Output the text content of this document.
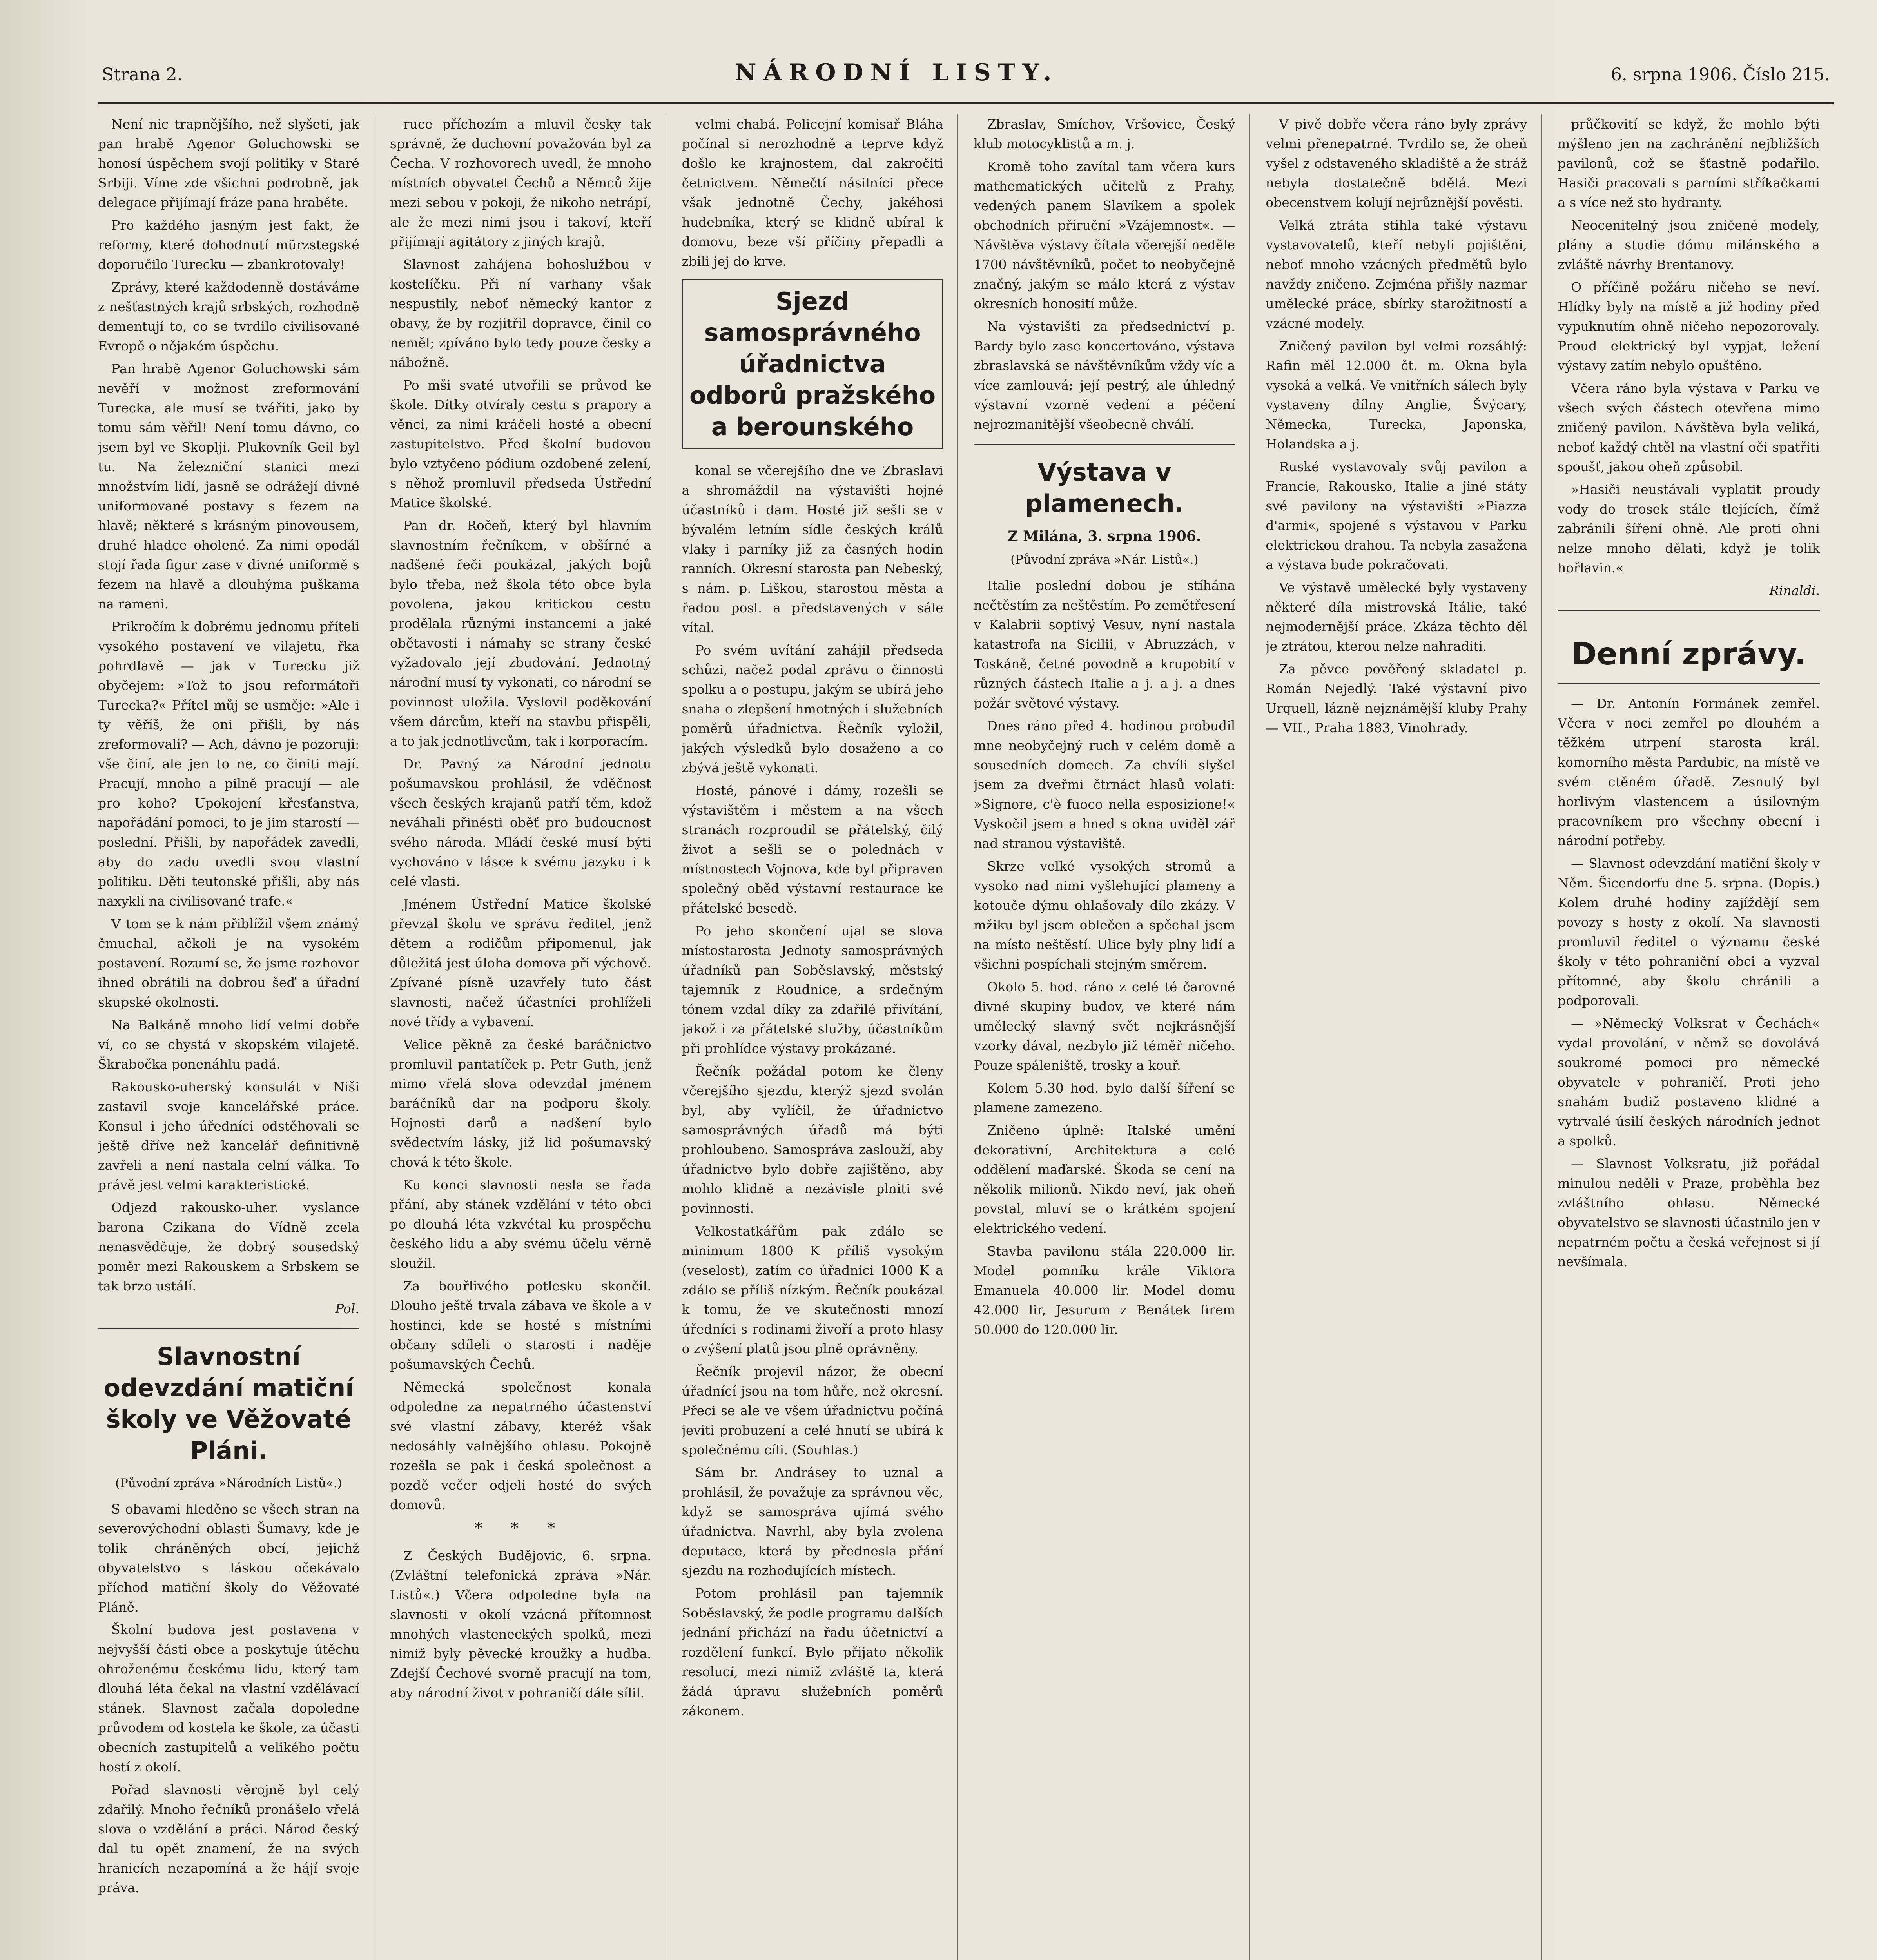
Strana 2.	NÁRODNÍ LISTY.	6. srpna 1906. Číslo 215.

Není nic trapnějšího, než slyšeti, jak pan hrabě Agenor Goluchowski se honosí úspěchem svojí politiky v Staré Srbiji. Víme zde všichni podrobně, jak delegace přijímají fráze pana hraběte.

Pro každého jasným jest fakt, že reformy, které dohodnutí mürzstegské doporučilo Turecku — zbankrotovaly!

Zprávy, které každodenně dostáváme z nešťastných krajů srbských, rozhodně dementují to, co se tvrdilo civilisované Evropě o nějakém úspěchu.

Pan hrabě Agenor Goluchowski sám nevěří v možnost zreformování Turecka, ale musí se tvářiti, jako by tomu sám věřil! Není tomu dávno, co jsem byl ve Skoplji. Plukovník Geil byl tu. Na železniční stanici mezi množstvím lidí, jasně se odrážejí divné uniformované postavy s fezem na hlavě; některé s krásným pinovousem, druhé hladce oholené. Za nimi opodál stojí řada figur zase v divné uniformě s fezem na hlavě a dlouhýma puškama na rameni.

Prikročím k dobrému jednomu příteli vysokého postavení ve vilajetu, řka pohrdlavě — jak v Turecku již obyčejem: »Tož to jsou reformátoři Turecka?« Přítel můj se usměje: »Ale i ty věříš, že oni přišli, by nás zreformovali? — Ach, dávno je pozoruji: vše činí, ale jen to ne, co činiti mají. Pracují, mnoho a pilně pracují — ale pro koho? Upokojení křesťanstva, napořádání pomoci, to je jim starostí — poslední. Přišli, by napořádek zavedli, aby do zadu uvedli svou vlastní politiku. Děti teutonské přišli, aby nás naxykli na civilisované trafe.«

V tom se k nám přiblížil všem známý čmuchal, ačkoli je na vysokém postavení. Rozumí se, že jsme rozhovor ihned obrátili na dobrou šeď a úřadní skupské okolnosti.

Na Balkáně mnoho lidí velmi dobře ví, co se chystá v skopském vilajetě. Škrabočka ponenáhlu padá.

Rakousko-uherský konsulát v Niši zastavil svoje kancelářské práce. Konsul i jeho úředníci odstěhovali se ještě dříve než kancelář definitivně zavřeli a není nastala celní válka. To právě jest velmi karakteristické.

Odjezd rakousko-uher. vyslance barona Czikana do Vídně zcela nenasvědčuje, že dobrý sousedský poměr mezi Rakouskem a Srbskem se tak brzo ustálí.

Pol.
Slavnostní odevzdání matiční školy ve Věžovaté Pláni.
(Původní zpráva »Národních Listů«.)

S obavami hleděno se všech stran na severovýchodní oblasti Šumavy, kde je tolik chráněných obcí, jejichž obyvatelstvo s láskou očekávalo příchod matiční školy do Věžovaté Pláně.

Školní budova jest postavena v nejvyšší části obce a poskytuje útěchu ohroženému českému lidu, který tam dlouhá léta čekal na vlastní vzdělávací stánek. Slavnost začala dopoledne průvodem od kostela ke škole, za účasti obecních zastupitelů a velikého počtu hostí z okolí.

Pořad slavnosti věrojně byl celý zdařilý. Mnoho řečníků pronášelo vřelá slova o vzdělání a práci. Národ český dal tu opět znamení, že na svých hranicích nezapomíná a že hájí svoje práva.

ruce příchozím a mluvil česky tak správně, že duchovní považován byl za Čecha. V rozhovorech uvedl, že mnoho místních obyvatel Čechů a Němců žije mezi sebou v pokoji, že nikoho netrápí, ale že mezi nimi jsou i takoví, kteří přijímají agitátory z jiných krajů.

Slavnost zahájena bohoslužbou v kostelíčku. Při ní varhany však nespustily, neboť německý kantor z obavy, že by rozjitřil dopravce, činil co neměl; zpíváno bylo tedy pouze česky a nábožně.

Po mši svaté utvořili se průvod ke škole. Dítky otvíraly cestu s prapory a věnci, za nimi kráčeli hosté a obecní zastupitelstvo. Před školní budovou bylo vztyčeno pódium ozdobené zelení, s něhož promluvil předseda Ústřední Matice školské.

Pan dr. Ročeň, který byl hlavním slavnostním řečníkem, v obšírné a nadšené řeči poukázal, jakých bojů bylo třeba, než škola této obce byla povolena, jakou kritickou cestu prodělala různými instancemi a jaké obětavosti i námahy se strany české vyžadovalo její zbudování. Jednotný národní musí ty vykonati, co národní se povinnost uložila. Vyslovil poděkování všem dárcům, kteří na stavbu přispěli, a to jak jednotlivcům, tak i korporacím.

Dr. Pavný za Národní jednotu pošumavskou prohlásil, že vděčnost všech českých krajanů patří těm, kdož neváhali přinésti oběť pro budoucnost svého národa. Mládí české musí býti vychováno v lásce k svému jazyku i k celé vlasti.

Jménem Ústřední Matice školské převzal školu ve správu ředitel, jenž dětem a rodičům připomenul, jak důležitá jest úloha domova při výchově. Zpívané písně uzavřely tuto část slavnosti, načež účastníci prohlíželi nové třídy a vybavení.

Velice pěkně za české baráčnictvo promluvil pantatíček p. Petr Guth, jenž mimo vřelá slova odevzdal jménem baráčníků dar na podporu školy. Hojnosti darů a nadšení bylo svědectvím lásky, již lid pošumavský chová k této škole.

Ku konci slavnosti nesla se řada přání, aby stánek vzdělání v této obci po dlouhá léta vzkvétal ku prospěchu českého lidu a aby svému účelu věrně sloužil.

Za bouřlivého potlesku skončil. Dlouho ještě trvala zábava ve škole a v hostinci, kde se hosté s místními občany sdíleli o starosti i naděje pošumavských Čechů.

Německá společnost konala odpoledne za nepatrného účastenství své vlastní zábavy, kteréž však nedosáhly valnějšího ohlasu. Pokojně rozešla se pak i česká společnost a pozdě večer odjeli hosté do svých domovů.

* * *

Z Českých Budějovic, 6. srpna. (Zvláštní telefonická zpráva »Nár. Listů«.) Včera odpoledne byla na slavnosti v okolí vzácná přítomnost mnohých vlasteneckých spolků, mezi nimiž byly pěvecké kroužky a hudba. Zdejší Čechové svorně pracují na tom, aby národní život v pohraničí dále sílil.

velmi chabá. Policejní komisař Bláha počínal si nerozhodně a teprve když došlo ke krajnostem, dal zakročiti četnictvem. Němečtí násilníci přece však jednotně Čechy, jakéhosi hudebníka, který se klidně ubíral k domovu, beze vší příčiny přepadli a zbili jej do krve.

Sjezd samosprávného úřadnictva odborů pražského a berounského

konal se včerejšího dne ve Zbraslavi a shromáždil na výstavišti hojné účastníků i dam. Hosté již sešli se v bývalém letním sídle českých králů vlaky i parníky již za časných hodin ranních. Okresní starosta pan Nebeský, s nám. p. Liškou, starostou města a řadou posl. a představených v sále vítal.

Po svém uvítání zahájil předseda schůzi, načež podal zprávu o činnosti spolku a o postupu, jakým se ubírá jeho snaha o zlepšení hmotných i služebních poměrů úřadnictva. Řečník vyložil, jakých výsledků bylo dosaženo a co zbývá ještě vykonati.

Hosté, pánové i dámy, rozešli se výstavištěm i městem a na všech stranách rozproudil se přátelský, čilý život a sešli se o polednách v místnostech Vojnova, kde byl připraven společný oběd výstavní restaurace ke přátelské besedě.

Po jeho skončení ujal se slova místostarosta Jednoty samosprávných úřadníků pan Soběslavský, městský tajemník z Roudnice, a srdečným tónem vzdal díky za zdařilé přivítání, jakož i za přátelské služby, účastníkům při prohlídce výstavy prokázané.

Řečník požádal potom ke členy včerejšího sjezdu, kterýž sjezd svolán byl, aby vylíčil, že úřadnictvo samosprávných úřadů má býti prohloubeno. Samospráva zaslouží, aby úřadnictvo bylo dobře zajištěno, aby mohlo klidně a nezávisle plniti své povinnosti.

Velkostatkářům pak zdálo se minimum 1800 K příliš vysokým (veselost), zatím co úřadnici 1000 K a zdálo se příliš nízkým. Řečník poukázal k tomu, že ve skutečnosti mnozí úředníci s rodinami živoří a proto hlasy o zvýšení platů jsou plně oprávněny.

Řečník projevil názor, že obecní úřadnící jsou na tom hůře, než okresní. Přeci se ale ve všem úřadnictvu počíná jeviti probuzení a celé hnutí se ubírá k společnému cíli. (Souhlas.)

Sám br. Andrásey to uznal a prohlásil, že považuje za správnou věc, když se samospráva ujímá svého úřadnictva. Navrhl, aby byla zvolena deputace, která by přednesla přání sjezdu na rozhodujících místech.

Potom prohlásil pan tajemník Soběslavský, že podle programu dalších jednání přichází na řadu účetnictví a rozdělení funkcí. Bylo přijato několik resolucí, mezi nimiž zvláště ta, která žádá úpravu služebních poměrů zákonem.

Zbraslav, Smíchov, Vršovice, Český klub motocyklistů a m. j.

Kromě toho zavítal tam včera kurs mathematických učitelů z Prahy, vedených panem Slavíkem a spolek obchodních příruční »Vzájemnost«. — Návštěva výstavy čítala včerejší neděle 1700 návštěvníků, počet to neobyčejně značný, jakým se málo která z výstav okresních honosití může.

Na výstavišti za předsednictví p. Bardy bylo zase koncertováno, výstava zbraslavská se návštěvníkům vždy víc a více zamlouvá; její pestrý, ale úhledný výstavní vzorně vedení a péčení nejrozmanitější všeobecně chválí.

Výstava v plamenech.
Z Milána, 3. srpna 1906.
(Původní zpráva »Nár. Listů«.)

Italie poslední dobou je stíhána nečtěstím za neštěstím. Po zemětřesení v Kalabrii soptivý Vesuv, nyní nastala katastrofa na Sicilii, v Abruzzách, v Toskáně, četné povodně a krupobití v různých částech Italie a j. a j. a dnes požár světové výstavy.

Dnes ráno před 4. hodinou probudil mne neobyčejný ruch v celém domě a sousedních domech. Za chvíli slyšel jsem za dveřmi čtrnáct hlasů volati: »Signore, c'è fuoco nella esposizione!« Vyskočil jsem a hned s okna uviděl zář nad stranou výstaviště.

Skrze velké vysokých stromů a vysoko nad nimi vyšlehující plameny a kotouče dýmu ohlašovaly dílo zkázy. V mžiku byl jsem oblečen a spěchal jsem na místo neštěstí. Ulice byly plny lidí a všichni pospíchali stejným směrem.

Okolo 5. hod. ráno z celé té čarovné divné skupiny budov, ve které nám umělecký slavný svět nejkrásnější vzorky dával, nezbylo již téměř ničeho. Pouze spáleniště, trosky a kouř.

Kolem 5.30 hod. bylo další šíření se plamene zamezeno.

Zničeno úplně: Italské umění dekorativní, Architektura a celé oddělení maďarské. Škoda se cení na několik milionů. Nikdo neví, jak oheň povstal, mluví se o krátkém spojení elektrického vedení.

Stavba pavilonu stála 220.000 lir. Model pomníku krále Viktora Emanuela 40.000 lir. Model domu 42.000 lir, Jesurum z Benátek firem 50.000 do 120.000 lir.

V pivě dobře včera ráno byly zprávy velmi přenepatrné. Tvrdilo se, že oheň vyšel z odstaveného skladiště a že stráž nebyla dostatečně bdělá. Mezi obecenstvem kolují nejrůznější pověsti.

Velká ztráta stihla také výstavu vystavovatelů, kteří nebyli pojištěni, neboť mnoho vzácných předmětů bylo navždy zničeno. Zejména přišly nazmar umělecké práce, sbírky starožitností a vzácné modely.

Zničený pavilon byl velmi rozsáhlý: Rafin měl 12.000 čt. m. Okna byla vysoká a velká. Ve vnitřních sálech byly vystaveny dílny Anglie, Švýcary, Německa, Turecka, Japonska, Holandska a j.

Ruské vystavovaly svůj pavilon a Francie, Rakousko, Italie a jiné státy své pavilony na výstavišti »Piazza d'armi«, spojené s výstavou v Parku elektrickou drahou. Ta nebyla zasažena a výstava bude pokračovati.

Ve výstavě umělecké byly vystaveny některé díla mistrovská Itálie, také nejmodernější práce. Zkáza těchto děl je ztrátou, kterou nelze nahraditi.

Za pěvce pověřený skladatel p. Román Nejedlý. Také výstavní pivo Urquell, lázně nejznámější kluby Prahy — VII., Praha 1883, Vinohrady.

průčkovití se když, že mohlo býti mýšleno jen na zachránění nejbližších pavilonů, což se šťastně podařilo. Hasiči pracovali s parními stříkačkami a s více než sto hydranty.

Neocenitelný jsou zničené modely, plány a studie dómu milánského a zvláště návrhy Brentanovy.

O příčině požáru ničeho se neví. Hlídky byly na místě a již hodiny před vypuknutím ohně ničeho nepozorovaly. Proud elektrický byl vypjat, ležení výstavy zatím nebylo opuštěno.

Včera ráno byla výstava v Parku ve všech svých částech otevřena mimo zničený pavilon. Návštěva byla veliká, neboť každý chtěl na vlastní oči spatřiti spoušť, jakou oheň způsobil.

»Hasiči neustávali vyplatit proudy vody do trosek stále tlejících, čímž zabránili šíření ohně. Ale proti ohni nelze mnoho dělati, když je tolik hořlavin.«

Rinaldi.
Denní zprávy.

— Dr. Antonín Formánek zemřel. Včera v noci zemřel po dlouhém a těžkém utrpení starosta král. komorního města Pardubic, na místě ve svém ctěném úřadě. Zesnulý byl horlivým vlastencem a úsilovným pracovníkem pro všechny obecní i národní potřeby.

— Slavnost odevzdání matiční školy v Něm. Šicendorfu dne 5. srpna. (Dopis.) Kolem druhé hodiny zajíždějí sem povozy s hosty z okolí. Na slavnosti promluvil ředitel o významu české školy v této pohraniční obci a vyzval přítomné, aby školu chránili a podporovali.

— »Německý Volksrat v Čechách« vydal provolání, v němž se dovolává soukromé pomoci pro německé obyvatele v pohraničí. Proti jeho snahám budiž postaveno klidné a vytrvalé úsilí českých národních jednot a spolků.

— Slavnost Volksratu, již pořádal minulou neděli v Praze, proběhla bez zvláštního ohlasu. Německé obyvatelstvo se slavnosti účastnilo jen v nepatrném počtu a česká veřejnost si jí nevšímala.
